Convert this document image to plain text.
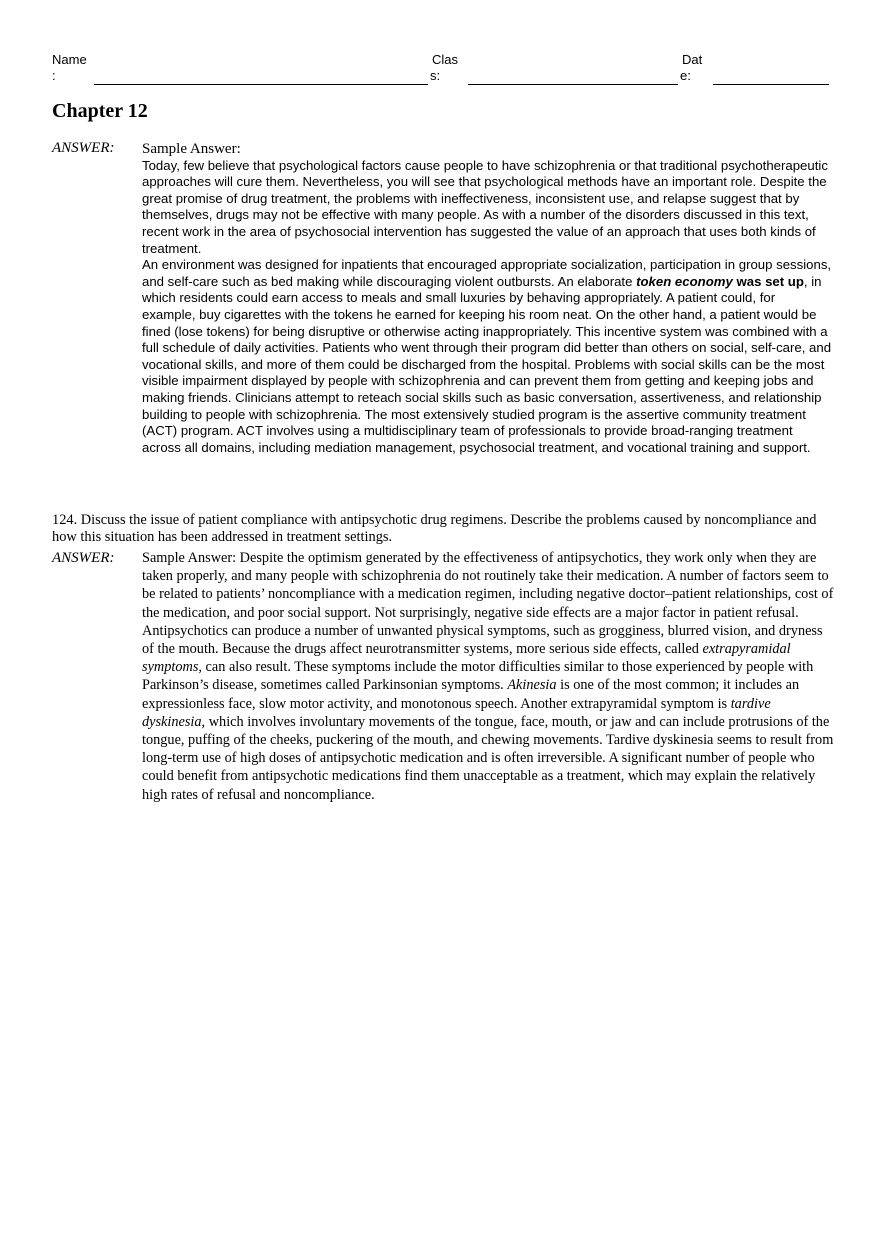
Name
:
Clas
s:
Dat
e:
Chapter 12
ANSWER: Sample Answer:

Today, few believe that psychological factors cause people to have schizophrenia or that traditional psychotherapeutic approaches will cure them. Nevertheless, you will see that psychological methods have an important role. Despite the great promise of drug treatment, the problems with ineffectiveness, inconsistent use, and relapse suggest that by themselves, drugs may not be effective with many people. As with a number of the disorders discussed in this text, recent work in the area of psychosocial intervention has suggested the value of an approach that uses both kinds of treatment.

An environment was designed for inpatients that encouraged appropriate socialization, participation in group sessions, and self-care such as bed making while discouraging violent outbursts. An elaborate token economy was set up, in which residents could earn access to meals and small luxuries by behaving appropriately. A patient could, for example, buy cigarettes with the tokens he earned for keeping his room neat. On the other hand, a patient would be fined (lose tokens) for being disruptive or otherwise acting inappropriately. This incentive system was combined with a full schedule of daily activities. Patients who went through their program did better than others on social, self-care, and vocational skills, and more of them could be discharged from the hospital. Problems with social skills can be the most visible impairment displayed by people with schizophrenia and can prevent them from getting and keeping jobs and making friends. Clinicians attempt to reteach social skills such as basic conversation, assertiveness, and relationship building to people with schizophrenia. The most extensively studied program is the assertive community treatment (ACT) program. ACT involves using a multidisciplinary team of professionals to provide broad-ranging treatment across all domains, including mediation management, psychosocial treatment, and vocational training and support.

124. Discuss the issue of patient compliance with antipsychotic drug regimens. Describe the problems caused by noncompliance and how this situation has been addressed in treatment settings.

ANSWER: Sample Answer: Despite the optimism generated by the effectiveness of antipsychotics, they work only when they are taken properly, and many people with schizophrenia do not routinely take their medication. A number of factors seem to be related to patients’ noncompliance with a medication regimen, including negative doctor–patient relationships, cost of the medication, and poor social support. Not surprisingly, negative side effects are a major factor in patient refusal. Antipsychotics can produce a number of unwanted physical symptoms, such as grogginess, blurred vision, and dryness of the mouth. Because the drugs affect neurotransmitter systems, more serious side effects, called extrapyramidal symptoms, can also result. These symptoms include the motor difficulties similar to those experienced by people with Parkinson’s disease, sometimes called Parkinsonian symptoms. Akinesia is one of the most common; it includes an expressionless face, slow motor activity, and monotonous speech. Another extrapyramidal symptom is tardive dyskinesia, which involves involuntary movements of the tongue, face, mouth, or jaw and can include protrusions of the tongue, puffing of the cheeks, puckering of the mouth, and chewing movements. Tardive dyskinesia seems to result from long-term use of high doses of antipsychotic medication and is often irreversible. A significant number of people who could benefit from antipsychotic medications find them unacceptable as a treatment, which may explain the relatively high rates of refusal and noncompliance.
